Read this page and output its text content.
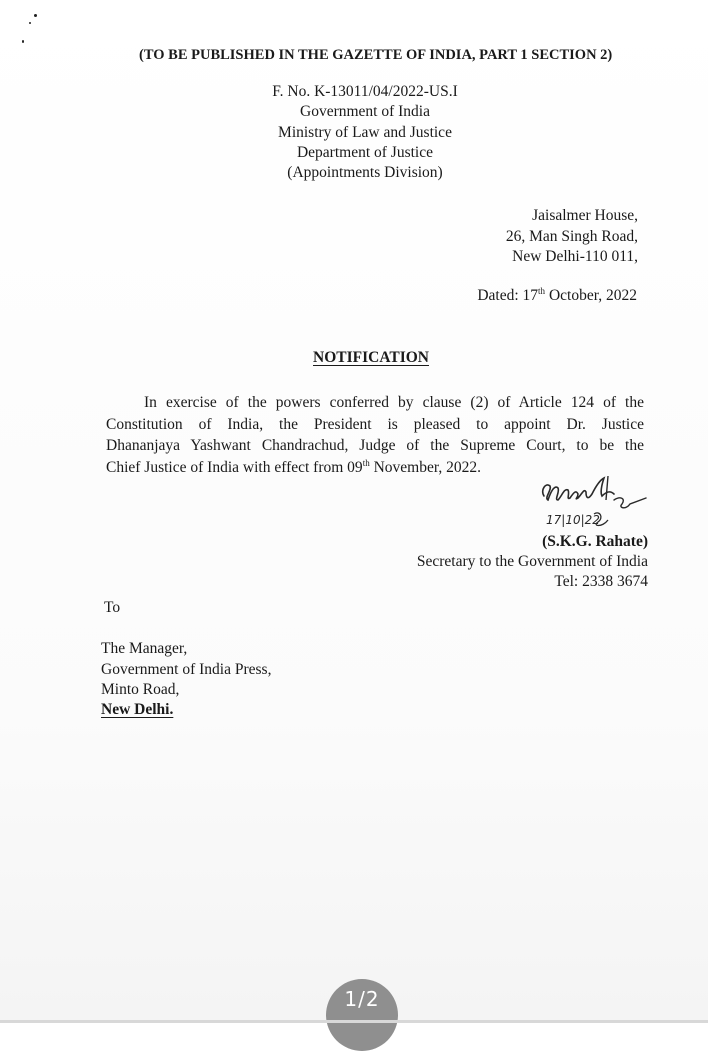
(TO BE PUBLISHED IN THE GAZETTE OF INDIA, PART 1 SECTION 2)
F. No. K-13011/04/2022-US.I
Government of India
Ministry of Law and Justice
Department of Justice
(Appointments Division)
Jaisalmer House,
26, Man Singh Road,
New Delhi-110 011,
Dated: 17th October, 2022
NOTIFICATION
In exercise of the powers conferred by clause (2) of Article 124 of the
Constitution of India, the President is pleased to appoint Dr. Justice
Dhananjaya Yashwant Chandrachud, Judge of the Supreme Court, to be the
Chief Justice of India with effect from 09th November, 2022.
17|10|22
(S.K.G. Rahate)
Secretary to the Government of India
Tel: 2338 3674
To
The Manager,
Government of India Press,
Minto Road,
New Delhi.
1/2
